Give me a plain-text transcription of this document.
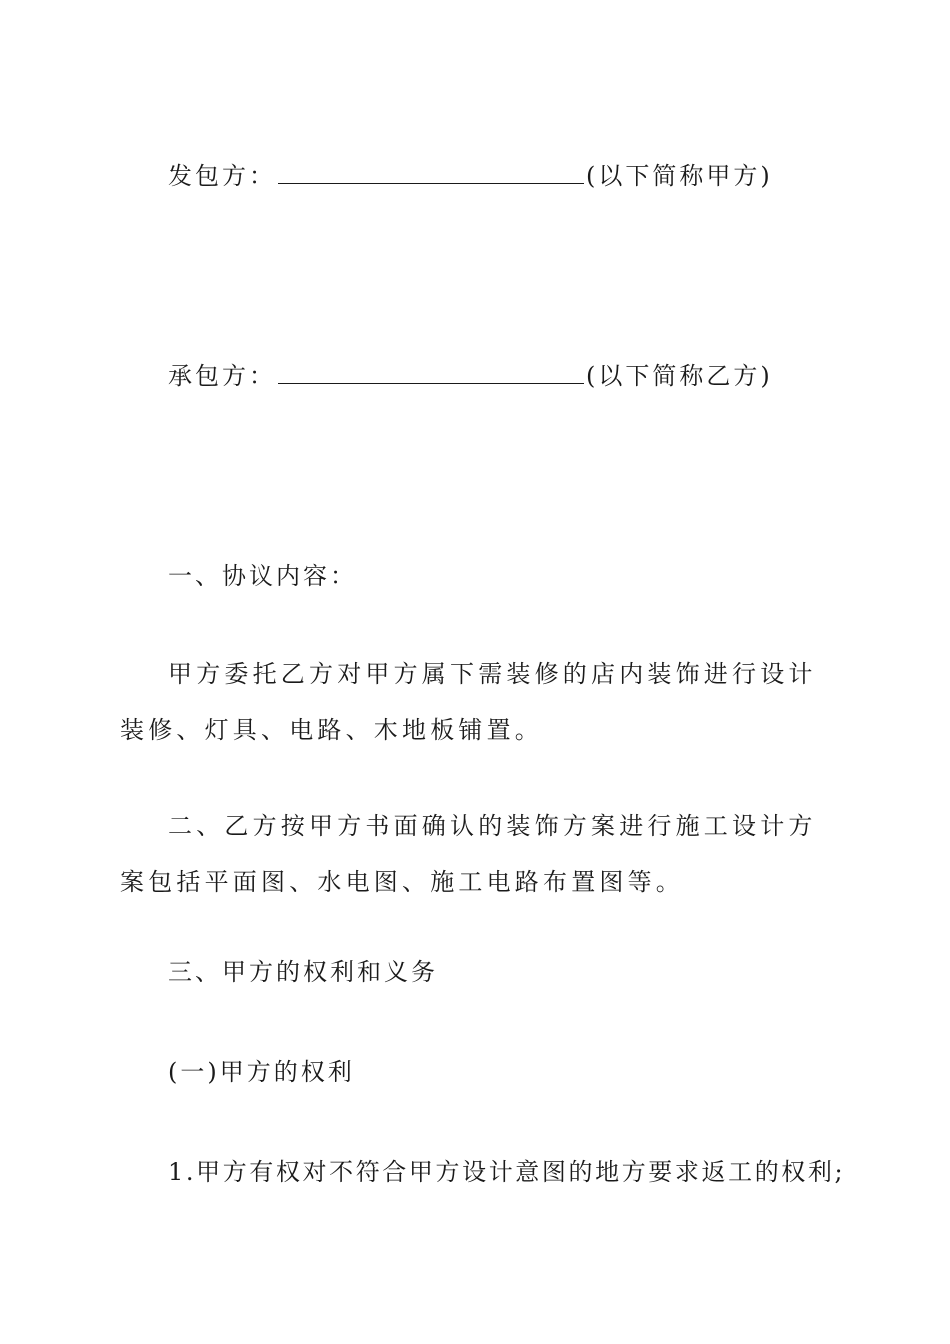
发包方：	(以下简称甲方)
承包方：	(以下简称乙方)
一、协议内容：
甲方委托乙方对甲方属下需装修的店内装饰进行设计装修、灯具、电路、木地板铺置。
二、乙方按甲方书面确认的装饰方案进行施工设计方案包括平面图、水电图、施工电路布置图等。
三、甲方的权利和义务
(一)甲方的权利
1.甲方有权对不符合甲方设计意图的地方要求返工的权利;
